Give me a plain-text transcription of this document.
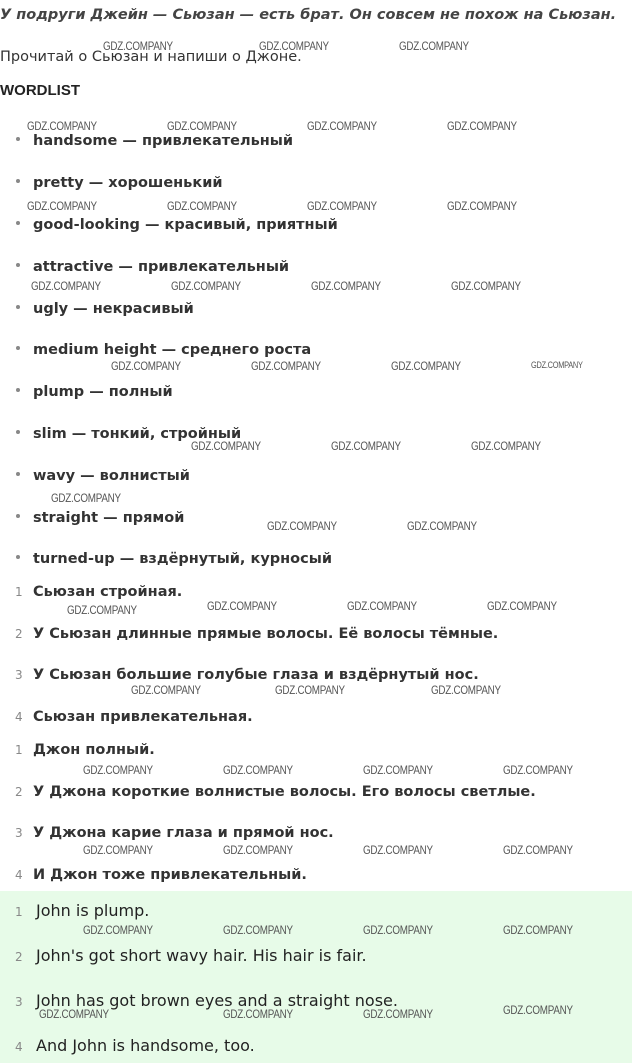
У подруги Джейн — Сьюзан — есть брат. Он совсем не похож на Сьюзан.
Прочитай о Сьюзан и напиши о Джоне.
WORDLIST
handsome — привлекательный
pretty — хорошенький
good-looking — красивый, приятный
attractive — привлекательный
ugly — некрасивый
medium height — среднего роста
plump — полный
slim — тонкий, стройный
wavy — волнистый
straight — прямой
turned-up — вздёрнутый, курносый
1 Сьюзан стройная.
2 У Сьюзан длинные прямые волосы. Её волосы тёмные.
3 У Сьюзан большие голубые глаза и вздёрнутый нос.
4 Сьюзан привлекательная.
1 Джон полный.
2 У Джона короткие волнистые волосы. Его волосы светлые.
3 У Джона карие глаза и прямой нос.
4 И Джон тоже привлекательный.
1 John is plump.
2 John's got short wavy hair. His hair is fair.
3 John has got brown eyes and a straight nose.
4 And John is handsome, too.
GDZ.COMPANY	GDZ.COMPANY	GDZ.COMPANY
GDZ.COMPANY	GDZ.COMPANY	GDZ.COMPANY	GDZ.COMPANY
GDZ.COMPANY	GDZ.COMPANY	GDZ.COMPANY	GDZ.COMPANY
GDZ.COMPANY	GDZ.COMPANY	GDZ.COMPANY	GDZ.COMPANY
GDZ.COMPANY	GDZ.COMPANY	GDZ.COMPANY	GDZ.COMPANY
GDZ.COMPANY	GDZ.COMPANY	GDZ.COMPANY
GDZ.COMPANY
GDZ.COMPANY	GDZ.COMPANY
GDZ.COMPANY	GDZ.COMPANY	GDZ.COMPANY	GDZ.COMPANY
GDZ.COMPANY	GDZ.COMPANY	GDZ.COMPANY
GDZ.COMPANY	GDZ.COMPANY	GDZ.COMPANY	GDZ.COMPANY
GDZ.COMPANY	GDZ.COMPANY	GDZ.COMPANY	GDZ.COMPANY
GDZ.COMPANY	GDZ.COMPANY	GDZ.COMPANY	GDZ.COMPANY
GDZ.COMPANY	GDZ.COMPANY	GDZ.COMPANY	GDZ.COMPANY
